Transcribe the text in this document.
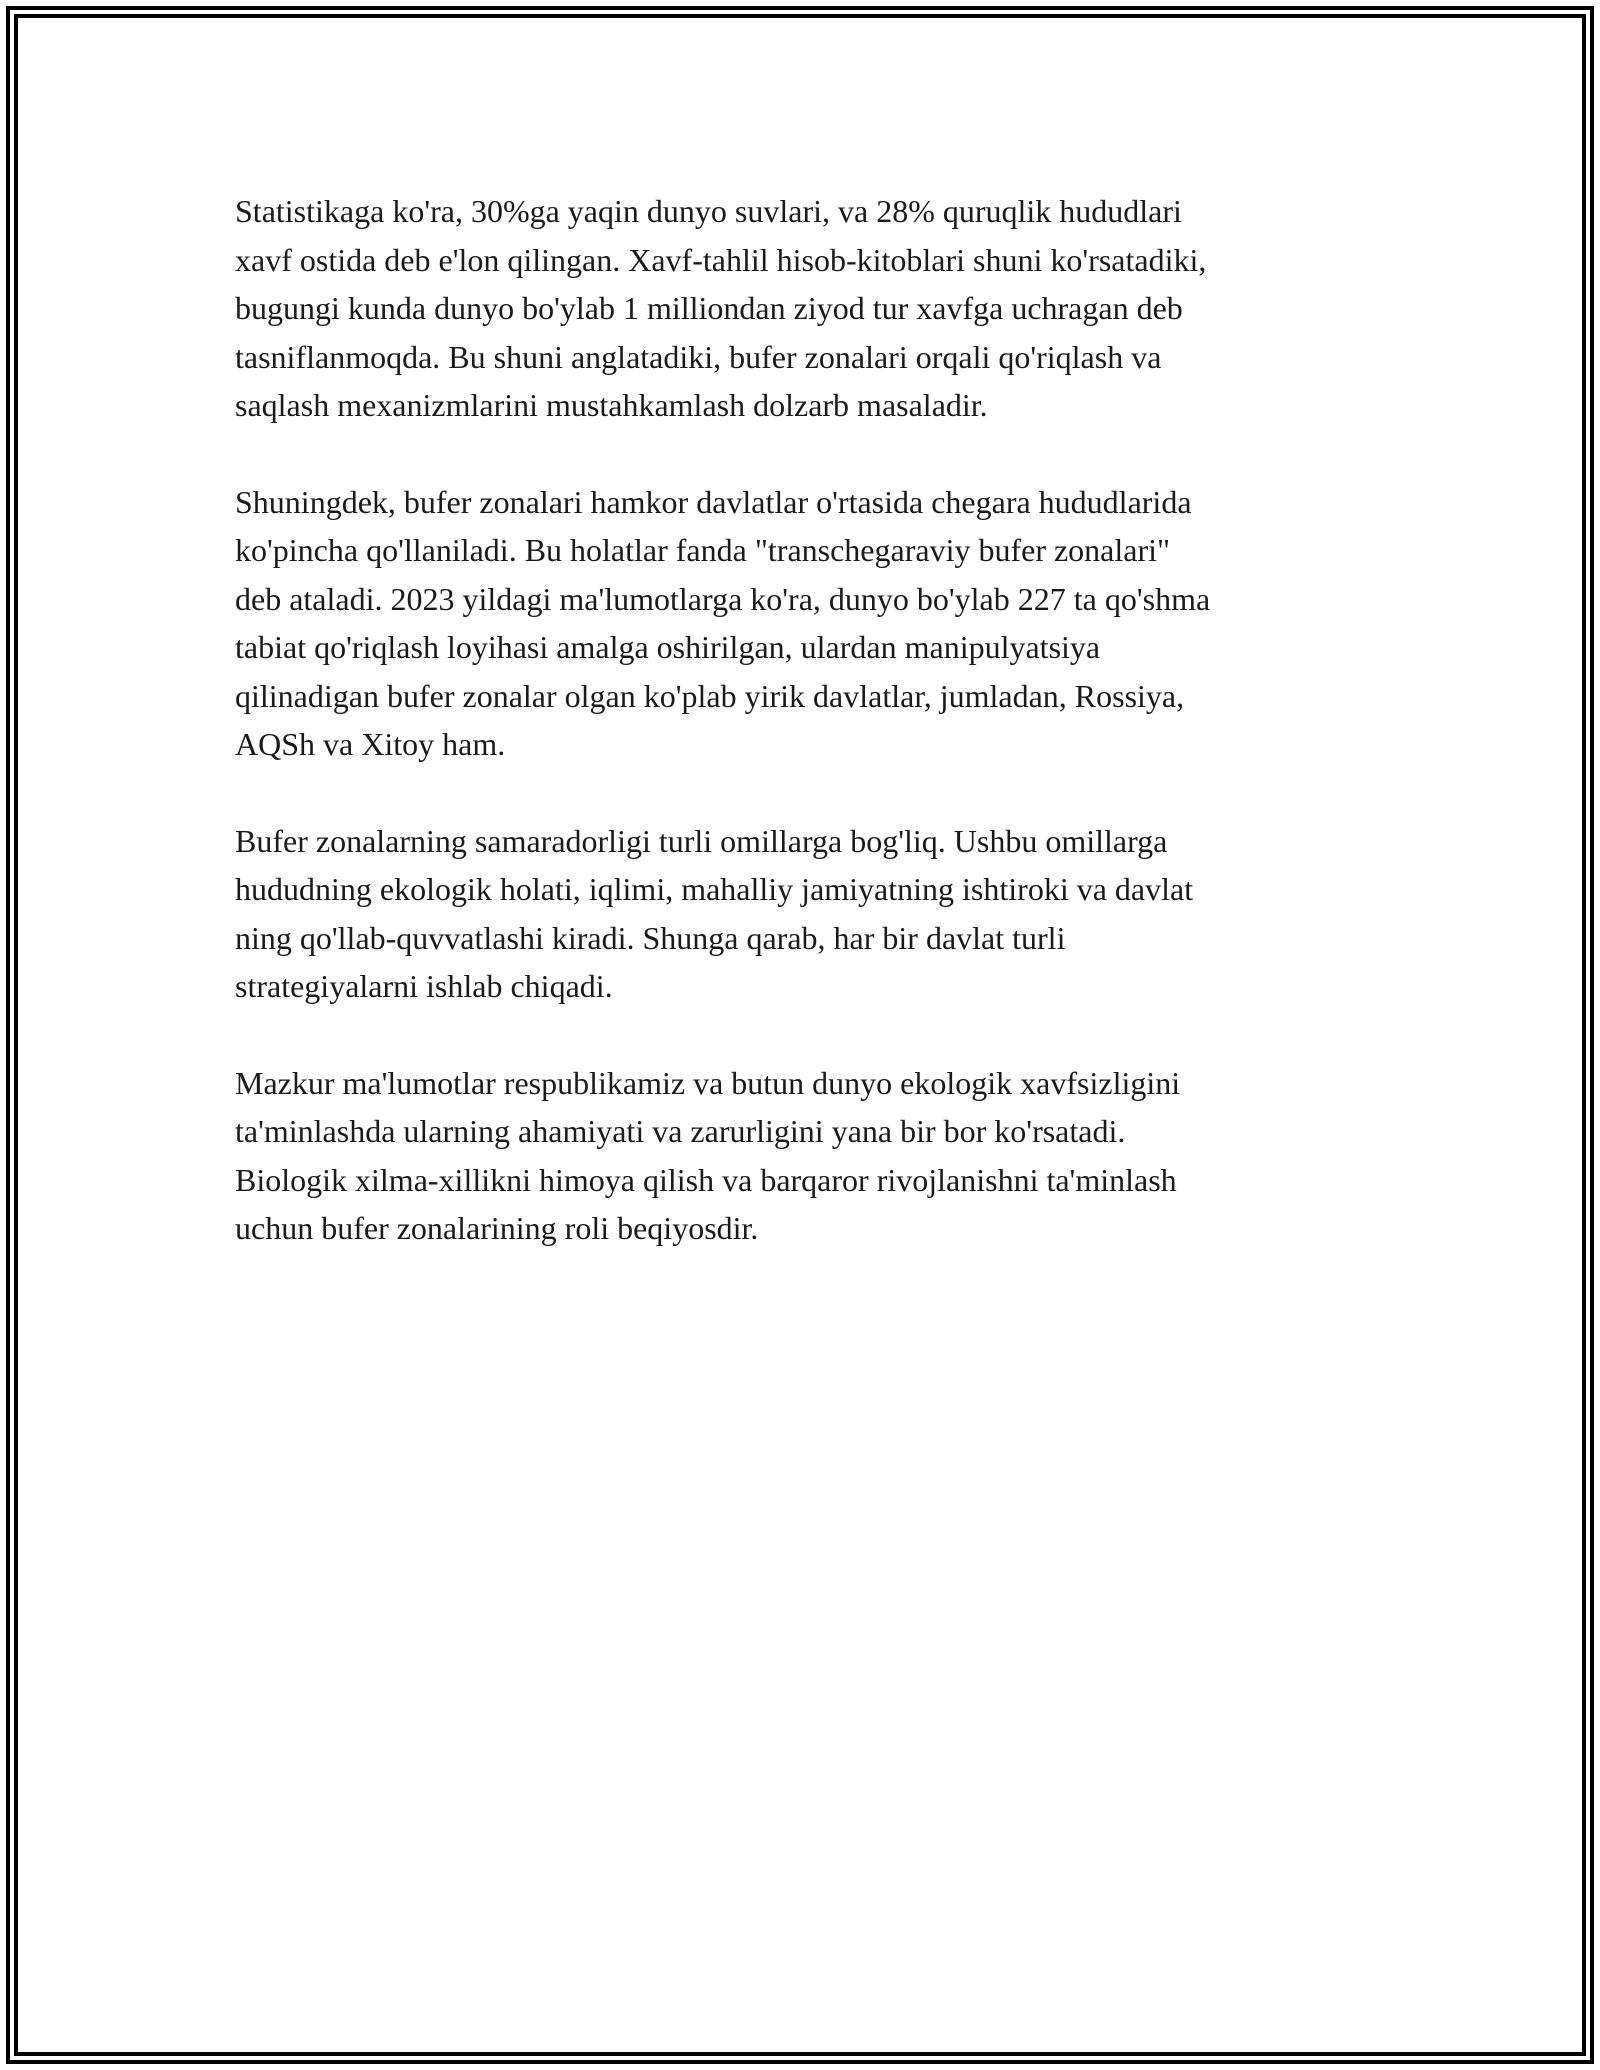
Statistikaga ko'ra, 30%ga yaqin dunyo suvlari, va 28% quruqlik hududlari
xavf ostida deb e'lon qilingan. Xavf-tahlil hisob-kitoblari shuni ko'rsatadiki,
bugungi kunda dunyo bo'ylab 1 milliondan ziyod tur xavfga uchragan deb
tasniflanmoqda. Bu shuni anglatadiki, bufer zonalari orqali qo'riqlash va
saqlash mexanizmlarini mustahkamlash dolzarb masaladir.

Shuningdek, bufer zonalari hamkor davlatlar o'rtasida chegara hududlarida
ko'pincha qo'llaniladi. Bu holatlar fanda "transchegaraviy bufer zonalari"
deb ataladi. 2023 yildagi ma'lumotlarga ko'ra, dunyo bo'ylab 227 ta qo'shma
tabiat qo'riqlash loyihasi amalga oshirilgan, ulardan manipulyatsiya
qilinadigan bufer zonalar olgan ko'plab yirik davlatlar, jumladan, Rossiya,
AQSh va Xitoy ham.

Bufer zonalarning samaradorligi turli omillarga bog'liq. Ushbu omillarga
hududning ekologik holati, iqlimi, mahalliy jamiyatning ishtiroki va davlat
ning qo'llab-quvvatlashi kiradi. Shunga qarab, har bir davlat turli
strategiyalarni ishlab chiqadi.

Mazkur ma'lumotlar respublikamiz va butun dunyo ekologik xavfsizligini
ta'minlashda ularning ahamiyati va zarurligini yana bir bor ko'rsatadi.
Biologik xilma-xillikni himoya qilish va barqaror rivojlanishni ta'minlash
uchun bufer zonalarining roli beqiyosdir.
